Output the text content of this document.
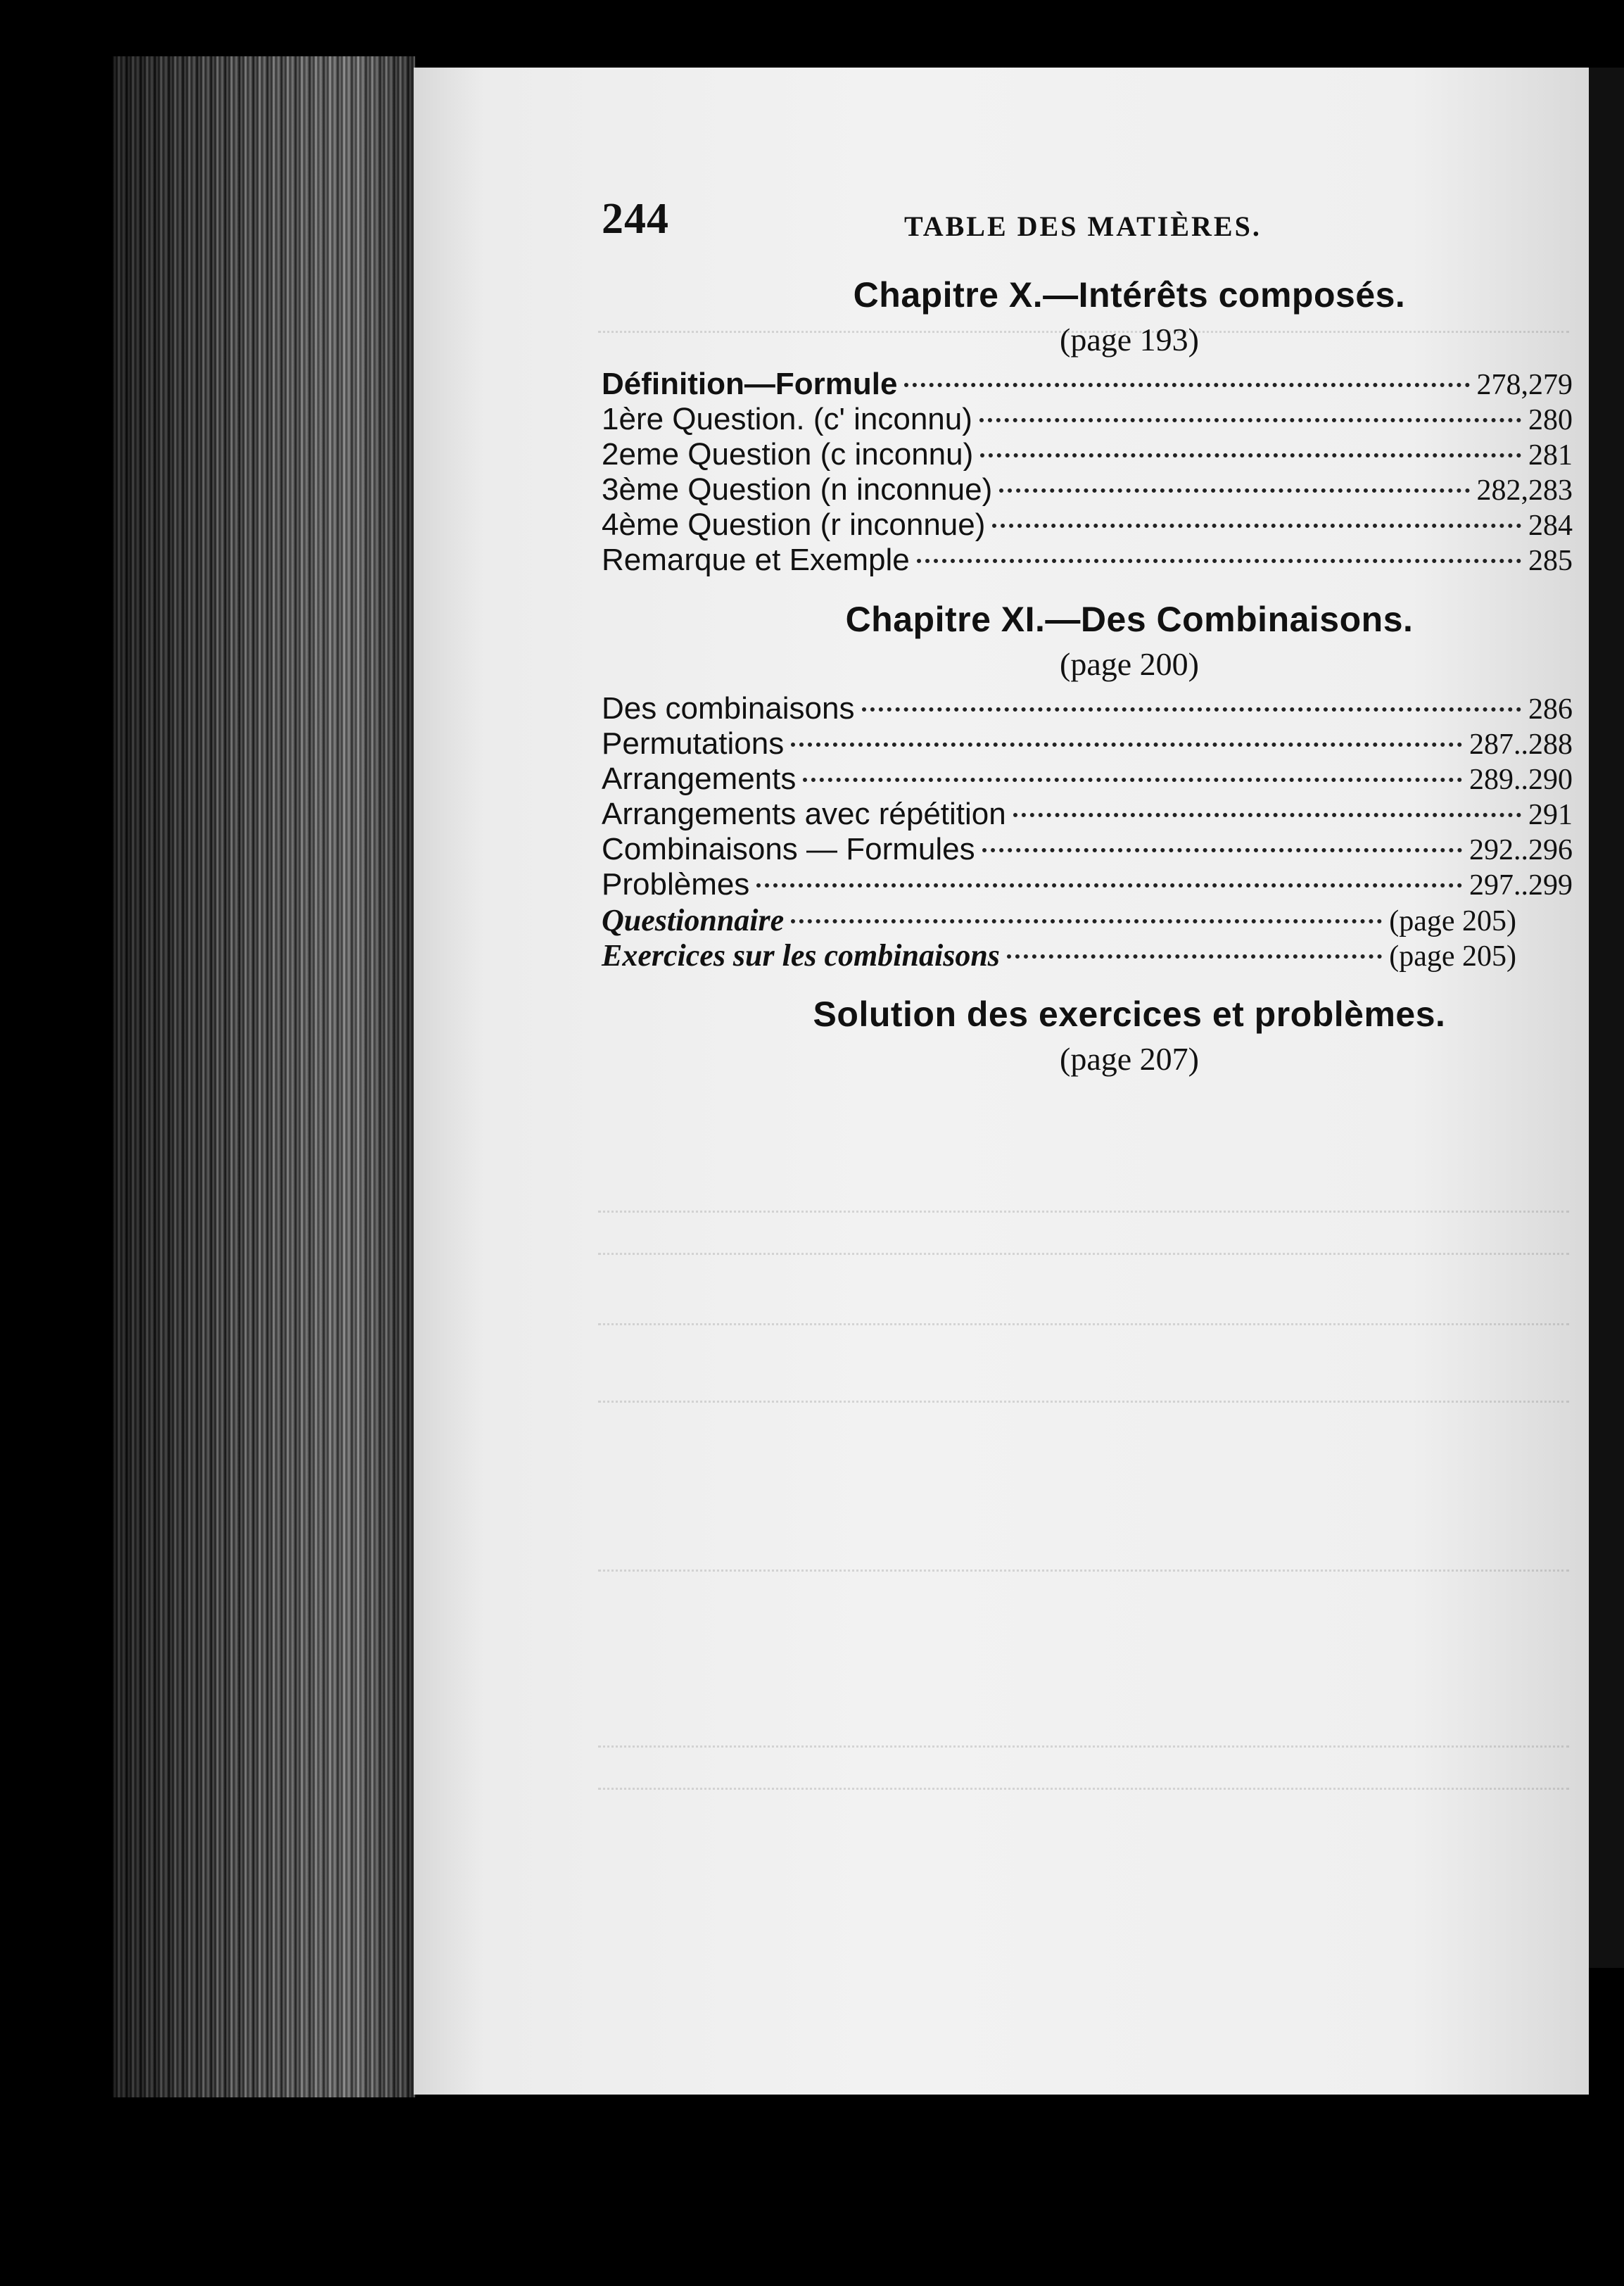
244	TABLE DES MATIÈRES.
Chapitre X.—Intérêts composés.
(page 193)
Définition—Formule	278,279
1ère Question. (c' inconnu)	280
2eme Question (c inconnu)	281
3ème Question (n inconnue)	282,283
4ème Question (r inconnue)	284
Remarque et Exemple	285
Chapitre XI.—Des Combinaisons.
(page 200)
Des combinaisons	286
Permutations	287..288
Arrangements	289..290
Arrangements avec répétition	291
Combinaisons — Formules	292..296
Problèmes	297..299
Questionnaire	(page 205)
Exercices sur les combinaisons	(page 205)
Solution des exercices et problèmes.
(page 207)
